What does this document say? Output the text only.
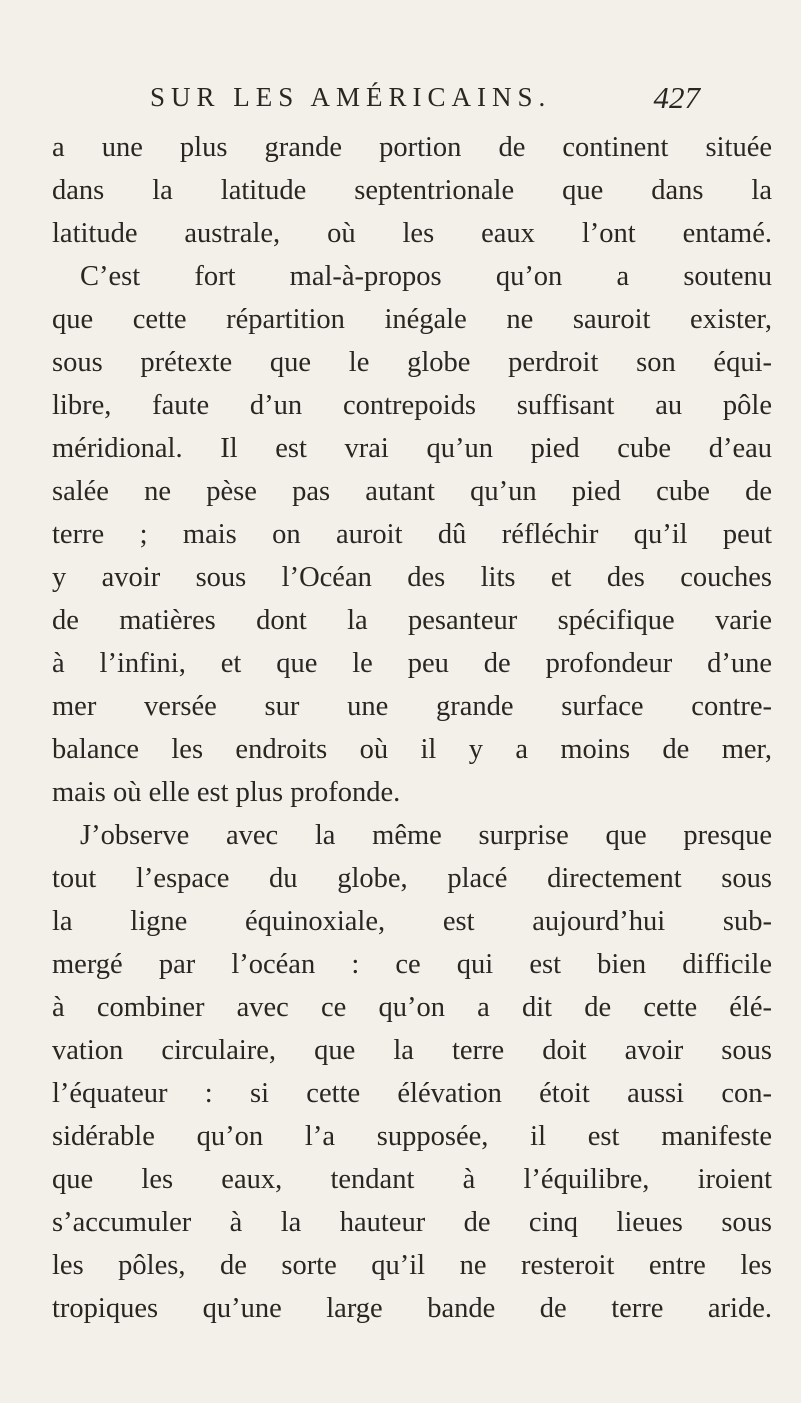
SUR LES AMÉRICAINS.	427
a une plus grande portion de continent située
dans la latitude septentrionale que dans la
latitude australe, où les eaux l’ont entamé.
C’est fort mal-à-propos qu’on a soutenu
que cette répartition inégale ne sauroit exister,
sous prétexte que le globe perdroit son équi-
libre, faute d’un contrepoids suffisant au pôle
méridional. Il est vrai qu’un pied cube d’eau
salée ne pèse pas autant qu’un pied cube de
terre ; mais on auroit dû réfléchir qu’il peut
y avoir sous l’Océan des lits et des couches
de matières dont la pesanteur spécifique varie
à l’infini, et que le peu de profondeur d’une
mer versée sur une grande surface contre-
balance les endroits où il y a moins de mer,
mais où elle est plus profonde.
J’observe avec la même surprise que presque
tout l’espace du globe, placé directement sous
la ligne équinoxiale, est aujourd’hui sub-
mergé par l’océan : ce qui est bien difficile
à combiner avec ce qu’on a dit de cette élé-
vation circulaire, que la terre doit avoir sous
l’équateur : si cette élévation étoit aussi con-
sidérable qu’on l’a supposée, il est manifeste
que les eaux, tendant à l’équilibre, iroient
s’accumuler à la hauteur de cinq lieues sous
les pôles, de sorte qu’il ne resteroit entre les
tropiques qu’une large bande de terre aride.
